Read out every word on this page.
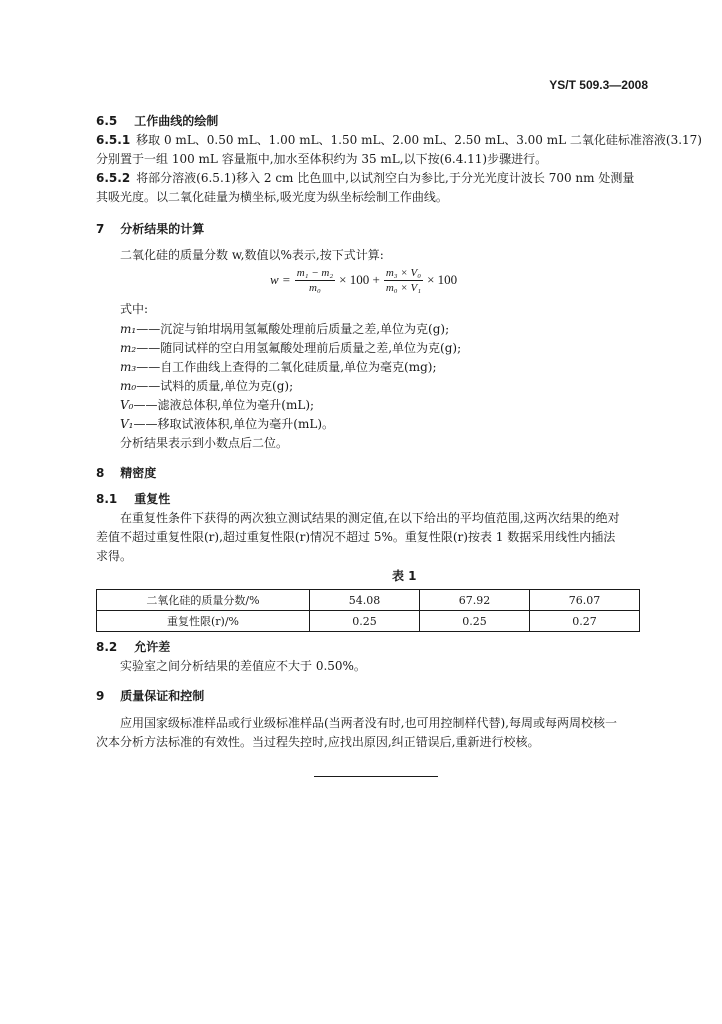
YS/T 509.3—2008
6.5 工作曲线的绘制
6.5.1 移取 0 mL、0.50 mL、1.00 mL、1.50 mL、2.00 mL、2.50 mL、3.00 mL 二氧化硅标准溶液(3.17)
分别置于一组 100 mL 容量瓶中,加水至体积约为 35 mL,以下按(6.4.11)步骤进行。
6.5.2 将部分溶液(6.5.1)移入 2 cm 比色皿中,以试剂空白为参比,于分光光度计波长 700 nm 处测量
其吸光度。以二氧化硅量为横坐标,吸光度为纵坐标绘制工作曲线。
7 分析结果的计算
二氧化硅的质量分数 w,数值以%表示,按下式计算:
$w = \frac{\text{m₁ − m₂}}{\text{m₀}} \times 100 + \frac{\text{m₃ × V₀}}{\text{m₀ × V₁}} \times 100$
式中:
m₁——沉淀与铂坩埚用氢氟酸处理前后质量之差,单位为克(g);
m₂——随同试样的空白用氢氟酸处理前后质量之差,单位为克(g);
m₃——自工作曲线上查得的二氧化硅质量,单位为毫克(mg);
m₀——试料的质量,单位为克(g);
V₀——滤液总体积,单位为毫升(mL);
V₁——移取试液体积,单位为毫升(mL)。
分析结果表示到小数点后二位。
8 精密度
8.1 重复性
在重复性条件下获得的两次独立测试结果的测定值,在以下给出的平均值范围,这两次结果的绝对
差值不超过重复性限(r),超过重复性限(r)情况不超过 5%。重复性限(r)按表 1 数据采用线性内插法
求得。
表 1
二氧化硅的质量分数/%	54.08	67.92	76.07
重复性限(r)/%	0.25	0.25	0.27
8.2 允许差
实验室之间分析结果的差值应不大于 0.50%。
9 质量保证和控制
应用国家级标准样品或行业级标准样品(当两者没有时,也可用控制样代替),每周或每两周校核一
次本分析方法标准的有效性。当过程失控时,应找出原因,纠正错误后,重新进行校核。
